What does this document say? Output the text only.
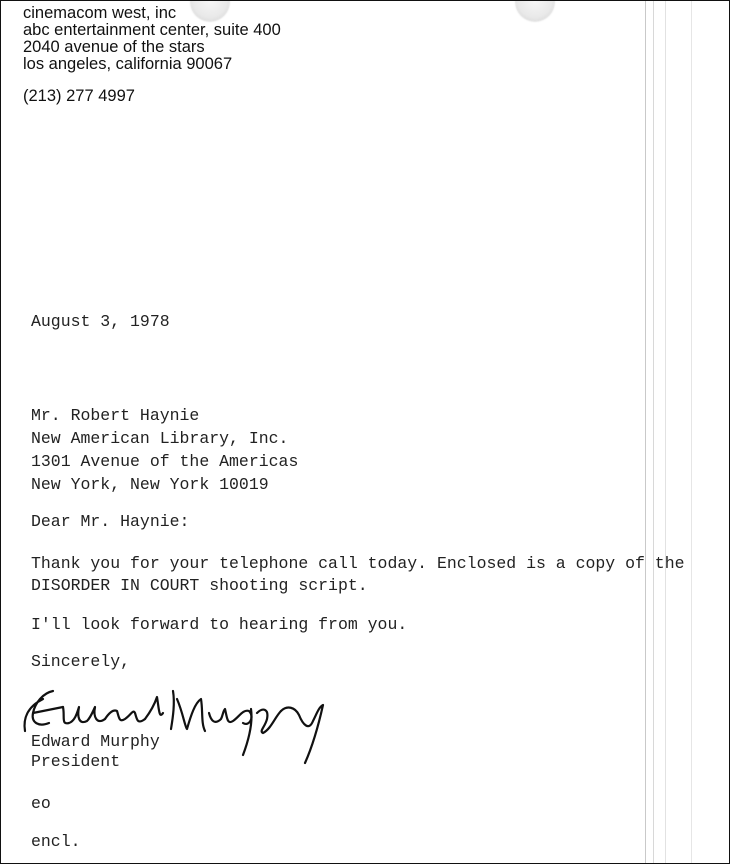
cinemacom west, inc
abc entertainment center, suite 400
2040 avenue of the stars
los angeles, california 90067
(213) 277 4997
August 3, 1978
Mr. Robert Haynie
New American Library, Inc.
1301 Avenue of the Americas
New York, New York 10019
Dear Mr. Haynie:
Thank you for your telephone call today. Enclosed is a copy of the
DISORDER IN COURT shooting script.
I'll look forward to hearing from you.
Sincerely,
Edward Murphy
President
eo
encl.
